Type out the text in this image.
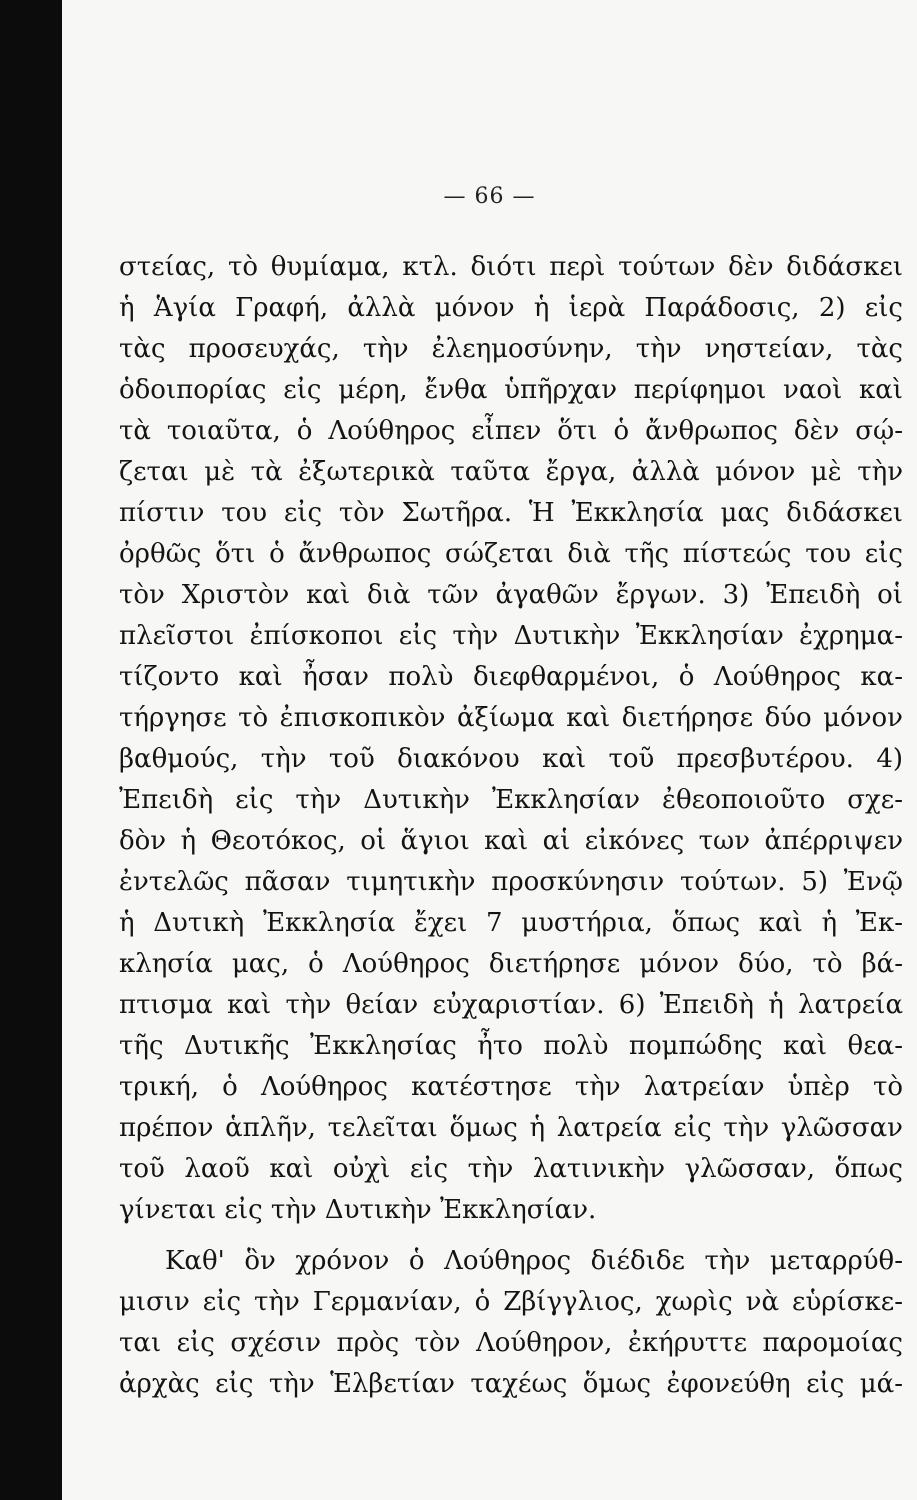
— 66 —
στείας, τὸ θυμίαμα, κτλ. διότι περὶ τούτων δὲν διδάσκει
ἡ Ἁγία Γραφή, ἀλλὰ μόνον ἡ ἱερὰ Παράδοσις, 2) εἰς
τὰς προσευχάς, τὴν ἐλεημοσύνην, τὴν νηστείαν, τὰς
ὁδοιπορίας εἰς μέρη, ἔνθα ὑπῆρχαν περίφημοι ναοὶ καὶ
τὰ τοιαῦτα, ὁ Λούθηρος εἶπεν ὅτι ὁ ἄνθρωπος δὲν σῴ-
ζεται μὲ τὰ ἐξωτερικὰ ταῦτα ἔργα, ἀλλὰ μόνον μὲ τὴν
πίστιν του εἰς τὸν Σωτῆρα. Ἡ Ἐκκλησία μας διδάσκει
ὀρθῶς ὅτι ὁ ἄνθρωπος σώζεται διὰ τῆς πίστεώς του εἰς
τὸν Χριστὸν καὶ διὰ τῶν ἀγαθῶν ἔργων. 3) Ἐπειδὴ οἱ
πλεῖστοι ἐπίσκοποι εἰς τὴν Δυτικὴν Ἐκκλησίαν ἐχρημα-
τίζοντο καὶ ἦσαν πολὺ διεφθαρμένοι, ὁ Λούθηρος κα-
τήργησε τὸ ἐπισκοπικὸν ἀξίωμα καὶ διετήρησε δύο μόνον
βαθμούς, τὴν τοῦ διακόνου καὶ τοῦ πρεσβυτέρου. 4)
Ἐπειδὴ εἰς τὴν Δυτικὴν Ἐκκλησίαν ἐθεοποιοῦτο σχε-
δὸν ἡ Θεοτόκος, οἱ ἅγιοι καὶ αἱ εἰκόνες των ἀπέρριψεν
ἐντελῶς πᾶσαν τιμητικὴν προσκύνησιν τούτων. 5) Ἐνῷ
ἡ Δυτικὴ Ἐκκλησία ἔχει 7 μυστήρια, ὅπως καὶ ἡ Ἐκ-
κλησία μας, ὁ Λούθηρος διετήρησε μόνον δύο, τὸ βά-
πτισμα καὶ τὴν θείαν εὐχαριστίαν. 6) Ἐπειδὴ ἡ λατρεία
τῆς Δυτικῆς Ἐκκλησίας ἦτο πολὺ πομπώδης καὶ θεα-
τρική, ὁ Λούθηρος κατέστησε τὴν λατρείαν ὑπὲρ τὸ
πρέπον ἁπλῆν, τελεῖται ὅμως ἡ λατρεία εἰς τὴν γλῶσσαν
τοῦ λαοῦ καὶ οὐχὶ εἰς τὴν λατινικὴν γλῶσσαν, ὅπως
γίνεται εἰς τὴν Δυτικὴν Ἐκκλησίαν.
Καθ' ὃν χρόνον ὁ Λούθηρος διέδιδε τὴν μεταρρύθ-
μισιν εἰς τὴν Γερμανίαν, ὁ Ζβίγγλιος, χωρὶς νὰ εὑρίσκε-
ται εἰς σχέσιν πρὸς τὸν Λούθηρον, ἐκήρυττε παρομοίας
ἀρχὰς εἰς τὴν Ἑλβετίαν ταχέως ὅμως ἐφονεύθη εἰς μά-
